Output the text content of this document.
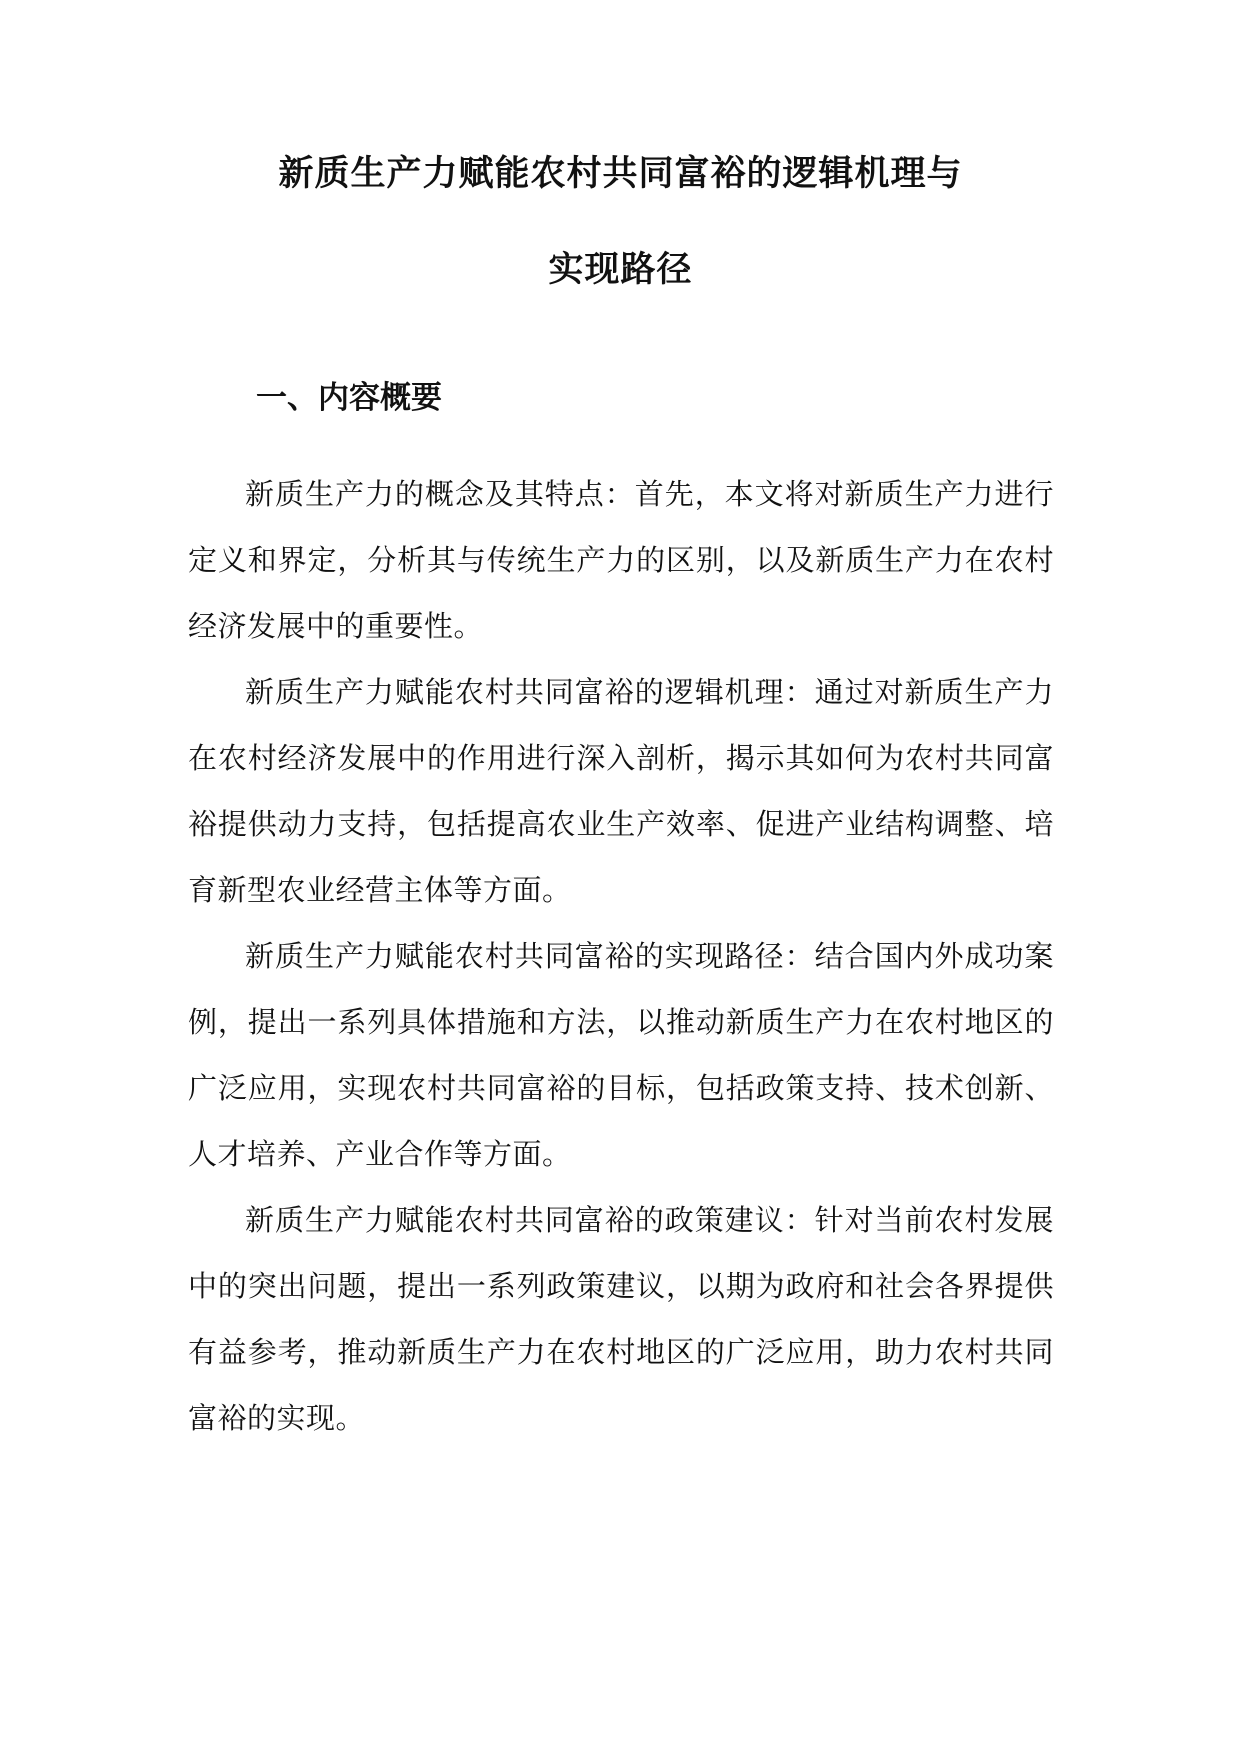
新质生产力赋能农村共同富裕的逻辑机理与
实现路径
一、内容概要

新质生产力的概念及其特点：首先，本文将对新质生产力进行定义和界定，分析其与传统生产力的区别，以及新质生产力在农村经济发展中的重要性。

新质生产力赋能农村共同富裕的逻辑机理：通过对新质生产力在农村经济发展中的作用进行深入剖析，揭示其如何为农村共同富裕提供动力支持，包括提高农业生产效率、促进产业结构调整、培育新型农业经营主体等方面。

新质生产力赋能农村共同富裕的实现路径：结合国内外成功案例，提出一系列具体措施和方法，以推动新质生产力在农村地区的广泛应用，实现农村共同富裕的目标，包括政策支持、技术创新、人才培养、产业合作等方面。

新质生产力赋能农村共同富裕的政策建议：针对当前农村发展中的突出问题，提出一系列政策建议，以期为政府和社会各界提供有益参考，推动新质生产力在农村地区的广泛应用，助力农村共同富裕的实现。
